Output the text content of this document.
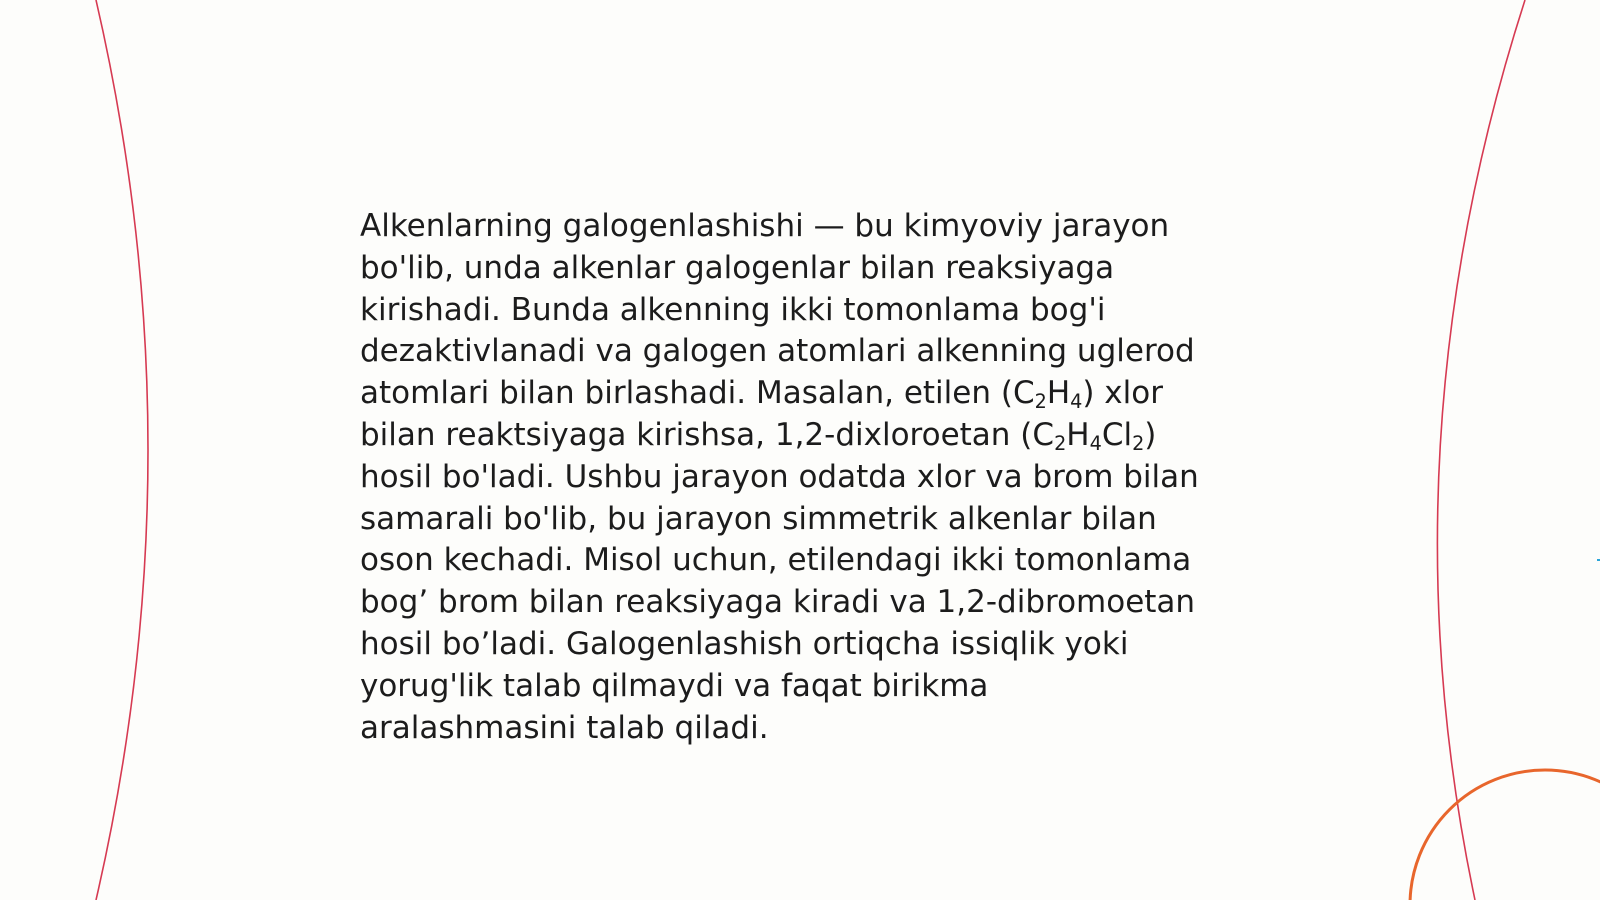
Alkenlarning galogenlashishi — bu kimyoviy jarayon
bo'lib, unda alkenlar galogenlar bilan reaksiyaga
kirishadi. Bunda alkenning ikki tomonlama bog'i
dezaktivlanadi va galogen atomlari alkenning uglerod
atomlari bilan birlashadi. Masalan, etilen $(C_2H_4)$ xlor
bilan reaktsiyaga kirishsa, 1,2-dixloroetan $(C_2H_4Cl_2)$
hosil bo'ladi. Ushbu jarayon odatda xlor va brom bilan
samarali bo'lib, bu jarayon simmetrik alkenlar bilan
oson kechadi. Misol uchun, etilendagi ikki tomonlama
bog’ brom bilan reaksiyaga kiradi va 1,2-dibromoetan
hosil bo’ladi. Galogenlashish ortiqcha issiqlik yoki
yorug'lik talab qilmaydi va faqat birikma
aralashmasini talab qiladi.
